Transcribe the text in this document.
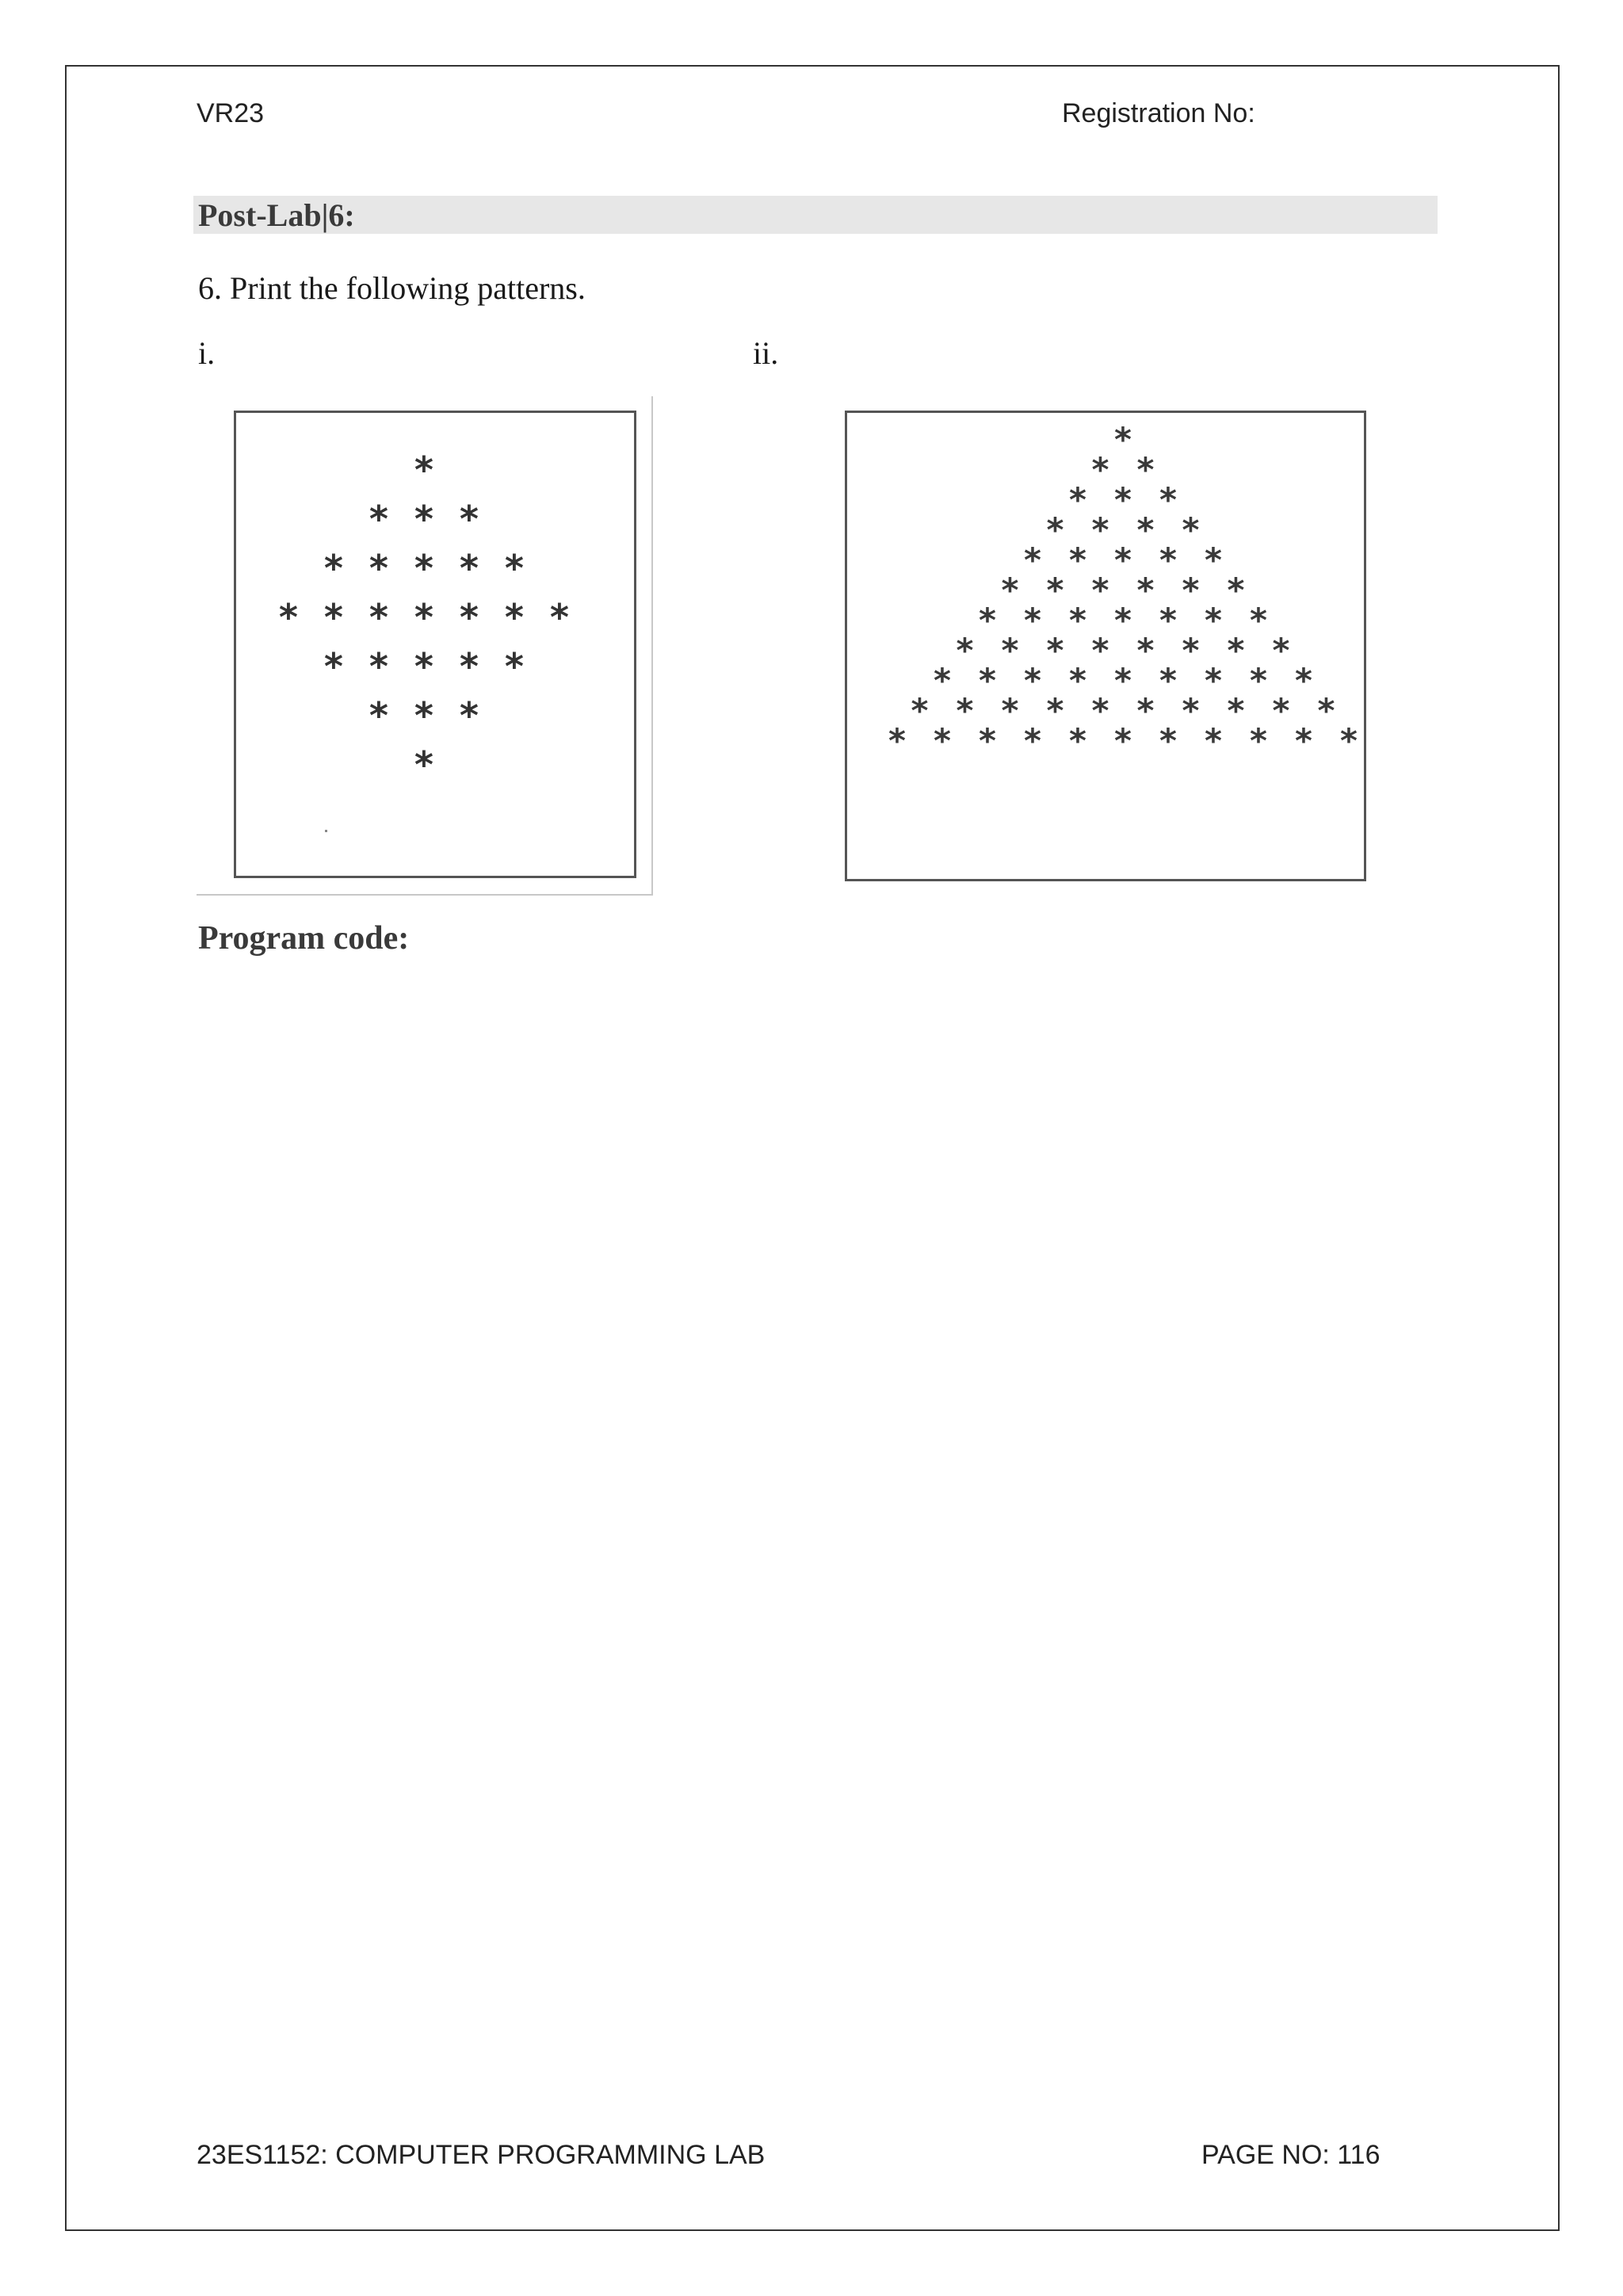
VR23	Registration No:
Post-Lab|6:
6. Print the following patterns.
i.	ii.
*
* * *
* * * * *
* * * * * * *
* * * * *
* * *
*
*
* *
* * *
* * * *
* * * * *
* * * * * *
* * * * * * *
* * * * * * * *
* * * * * * * * *
* * * * * * * * * *
* * * * * * * * * * *
Program code:
23ES1152: COMPUTER PROGRAMMING LAB	PAGE NO: 116
